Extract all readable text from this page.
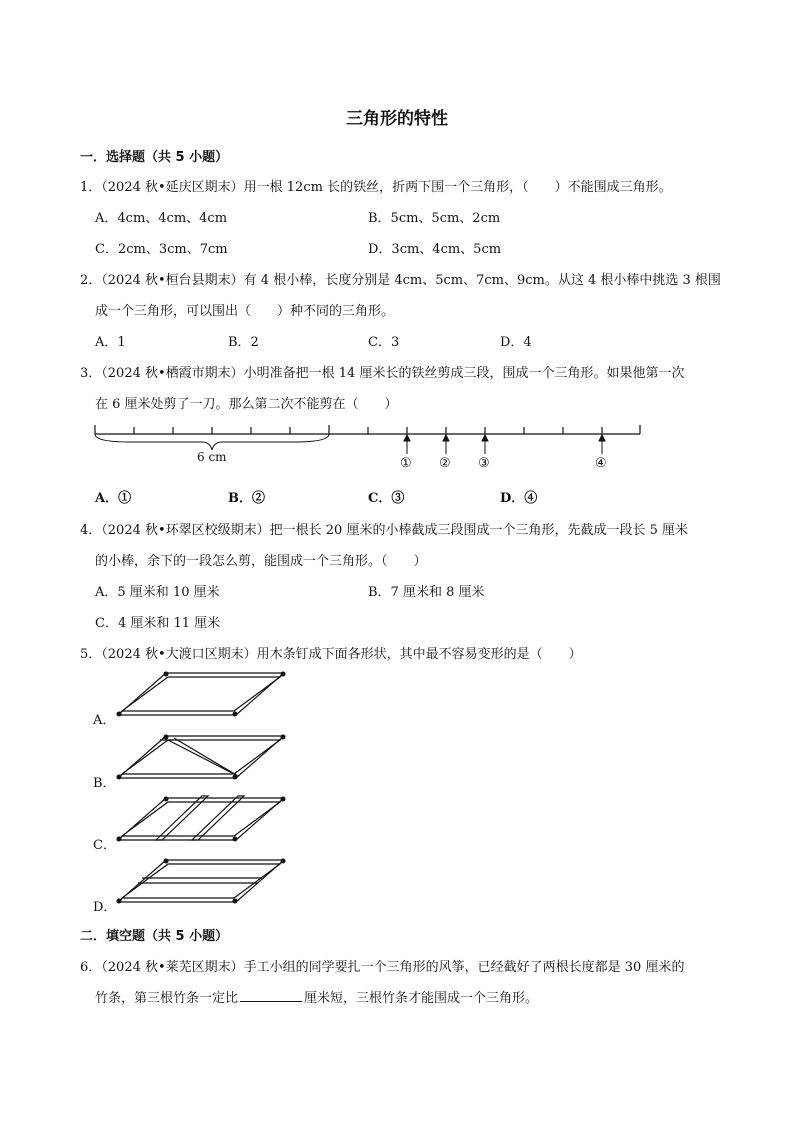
三角形的特性
一．选择题（共 5 小题）
1．（2024 秋•延庆区期末）用一根 12cm 长的铁丝，折两下围一个三角形，（　　）不能围成三角形。
A．4cm、4cm、4cm	B．5cm、5cm、2cm
C．2cm、3cm、7cm	D．3cm、4cm、5cm
2．（2024 秋•桓台县期末）有 4 根小棒，长度分别是 4cm、5cm、7cm、9cm。从这 4 根小棒中挑选 3 根围
成一个三角形，可以围出（　　）种不同的三角形。
A．1	B．2	C．3	D．4
3．（2024 秋•栖霞市期末）小明准备把一根 14 厘米长的铁丝剪成三段，围成一个三角形。如果他第一次
在 6 厘米处剪了一刀。那么第二次不能剪在（　　）
6 cm	① ② ③	④
A．①	B．②	C．③	D．④
4．（2024 秋•环翠区校级期末）把一根长 20 厘米的小棒截成三段围成一个三角形，先截成一段长 5 厘米
的小棒，余下的一段怎么剪，能围成一个三角形。（　　）
A．5 厘米和 10 厘米	B．7 厘米和 8 厘米
C．4 厘米和 11 厘米
5．（2024 秋•大渡口区期末）用木条钉成下面各形状，其中最不容易变形的是（　　）
A．
B．
C．
D．
二．填空题（共 5 小题）
6．（2024 秋•莱芜区期末）手工小组的同学要扎一个三角形的风筝，已经截好了两根长度都是 30 厘米的
竹条，第三根竹条一定比	厘米短，三根竹条才能围成一个三角形。
